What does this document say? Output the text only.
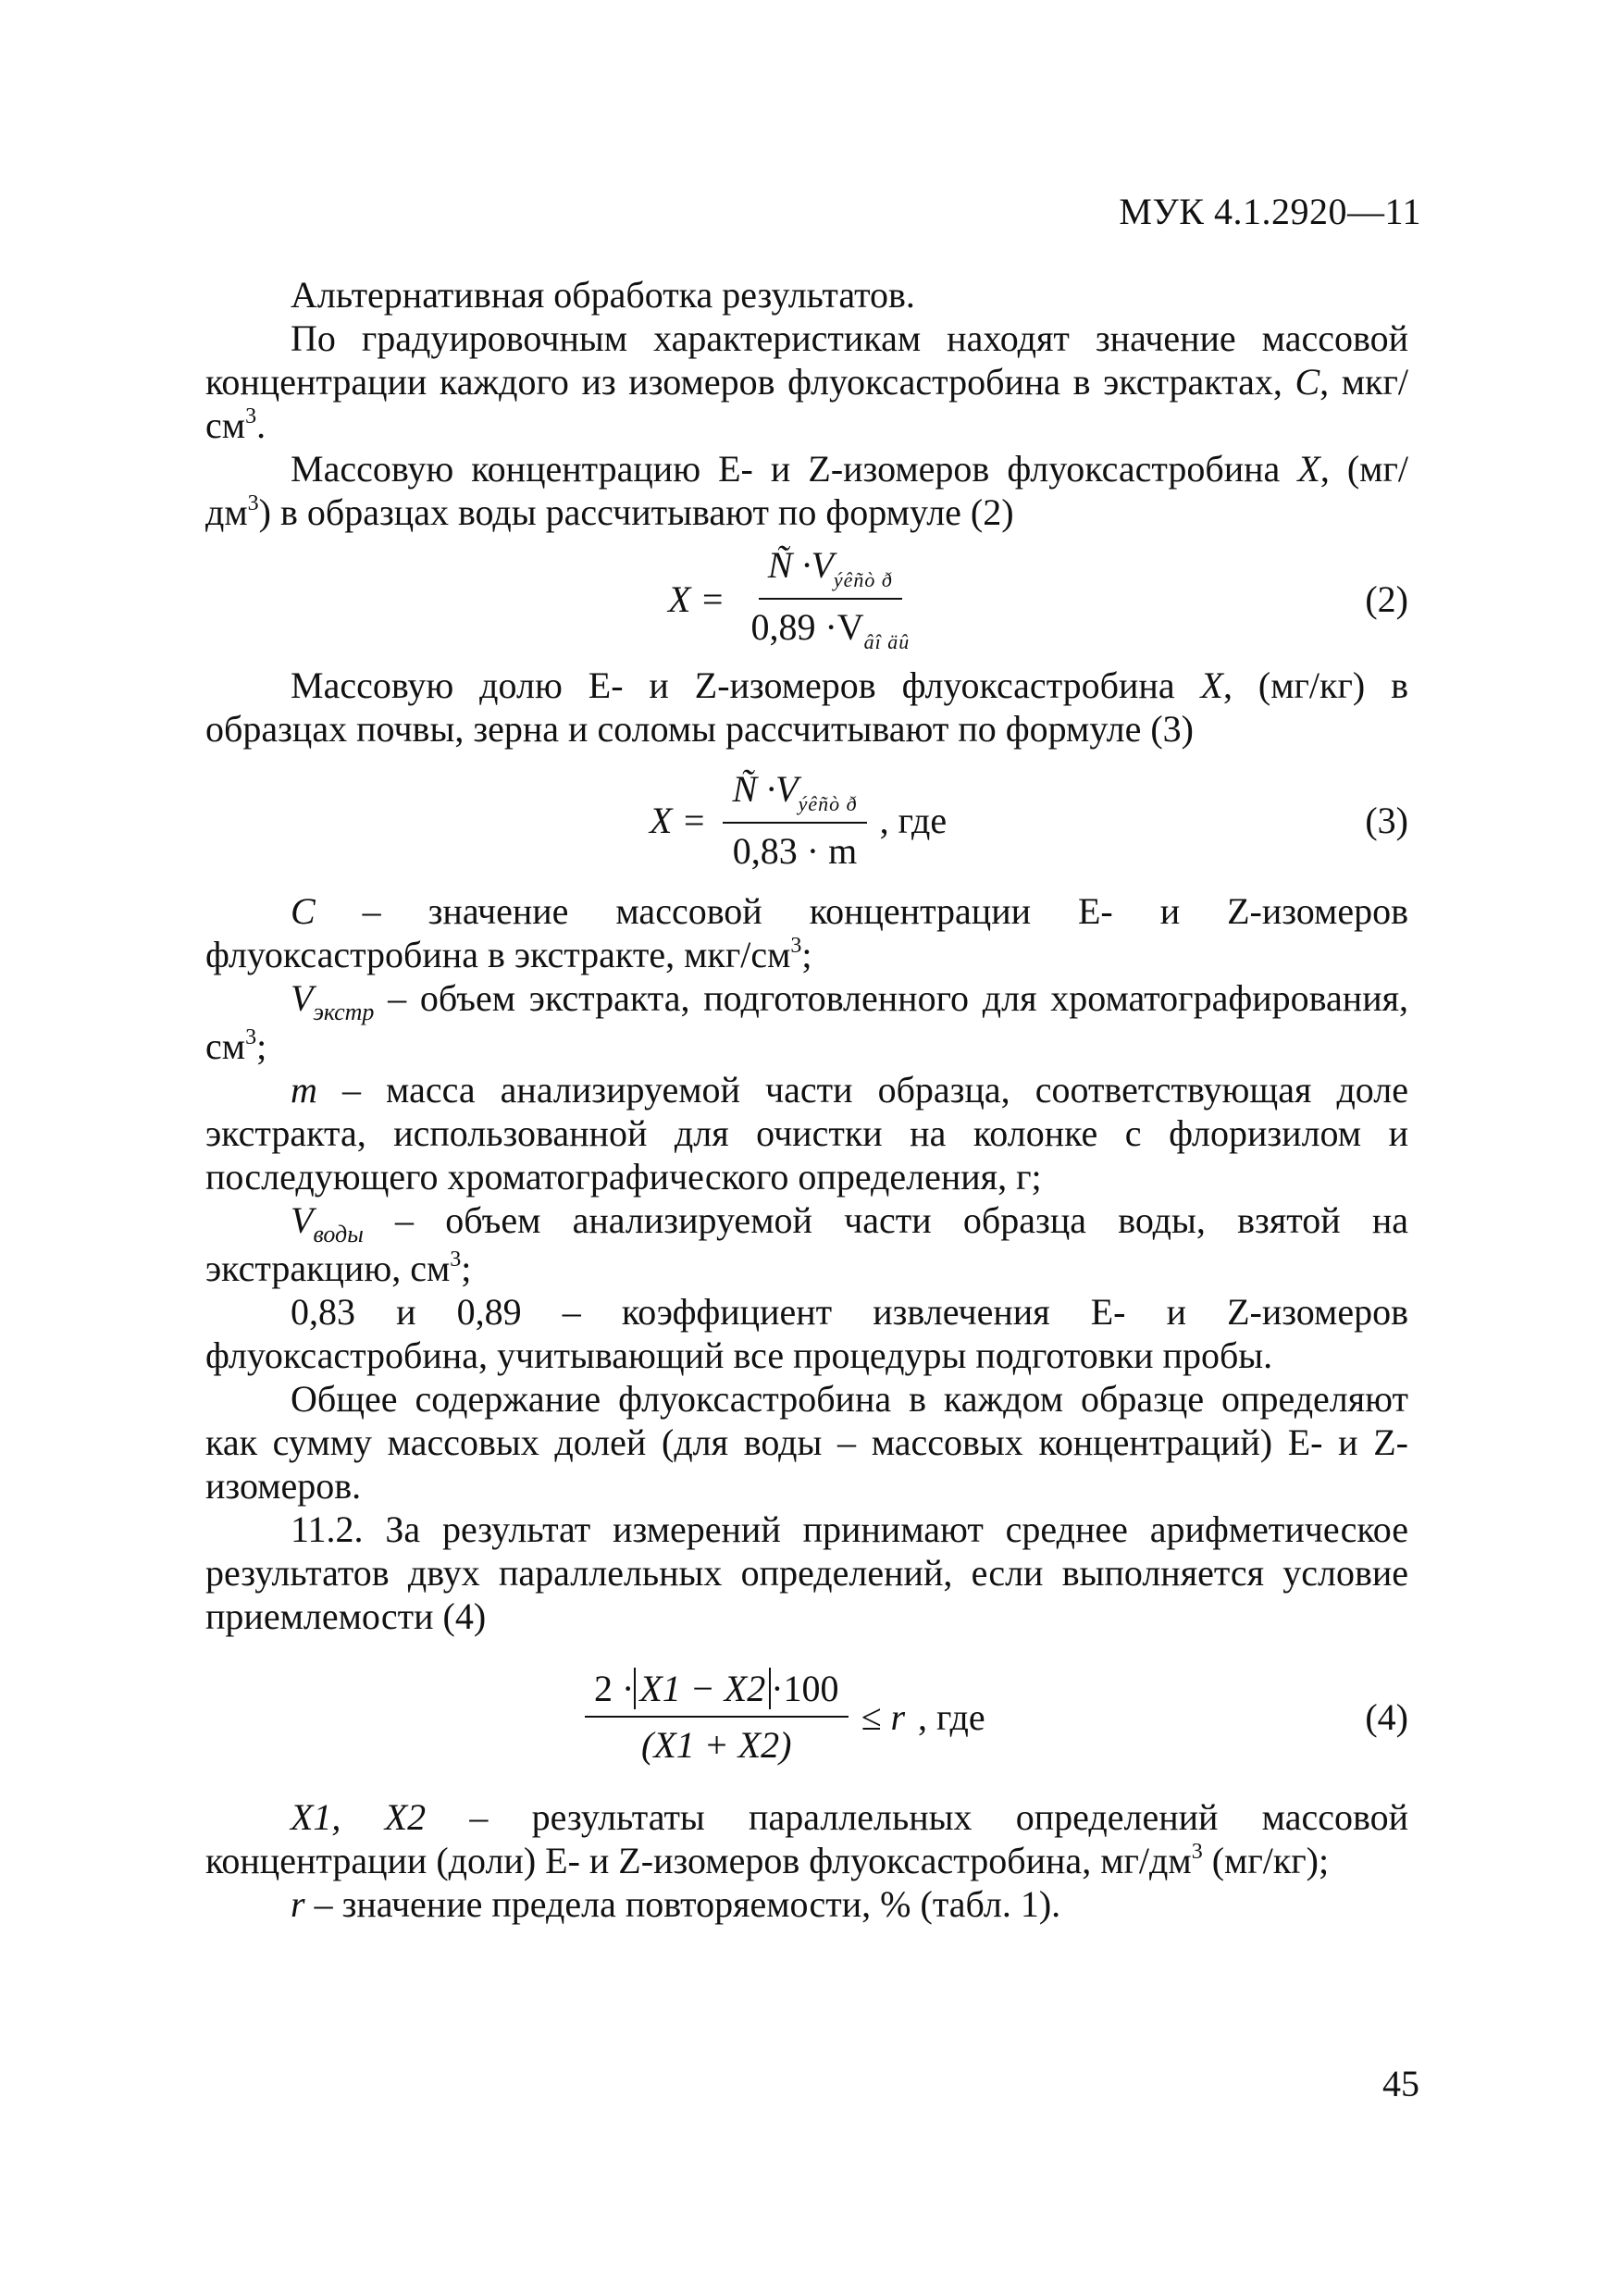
МУК 4.1.2920—11

Альтернативная обработка результатов.

По градуировочным характеристикам находят значение массовой концентрации каждого из изомеров флуоксастробина в экстрактах, C, мкг/$см^3$.

Массовую концентрацию Е- и Z-изомеров флуоксастробина X, $(мг/дм^3)$ в образцах воды рассчитывают по формуле (2)

$X = \frac{Ñ \cdot V_{ýêñò ð}}{0,89 \cdot V_{âî äû}}$	(2)

Массовую долю Е- и Z-изомеров флуоксастробина X, (мг/кг) в образцах почвы, зерна и соломы рассчитывают по формуле (3)

$X = \frac{Ñ \cdot V_{ýêñò ð}}{0,83 \cdot m}$ , где	(3)

C – значение массовой концентрации Е- и Z-изомеров флуоксастробина в экстракте, мкг/$см^3$;

$V_{экстр}$ – объем экстракта, подготовленного для хроматографирования, $см^3$;

m – масса анализируемой части образца, соответствующая доле экстракта, использованной для очистки на колонке с флоризилом и последующего хроматографического определения, г;

$V_{воды}$ – объем анализируемой части образца воды, взятой на экстракцию, $см^3$;

0,83 и 0,89 – коэффициент извлечения Е- и Z-изомеров флуоксастробина, учитывающий все процедуры подготовки пробы.

Общее содержание флуоксастробина в каждом образце определяют как сумму массовых долей (для воды – массовых концентраций) Е- и Z-изомеров.

11.2. За результат измерений принимают среднее арифметическое результатов двух параллельных определений, если выполняется условие приемлемости (4)

$\frac{2 \cdot X1 - X2 \cdot 100}{(X1 + X2)} \le r$ , где	(4)

X1, X2 – результаты параллельных определений массовой концентрации (доли) Е- и Z-изомеров флуоксастробина, $мг/дм^3$ (мг/кг);

r – значение предела повторяемости, % (табл. 1).

45
